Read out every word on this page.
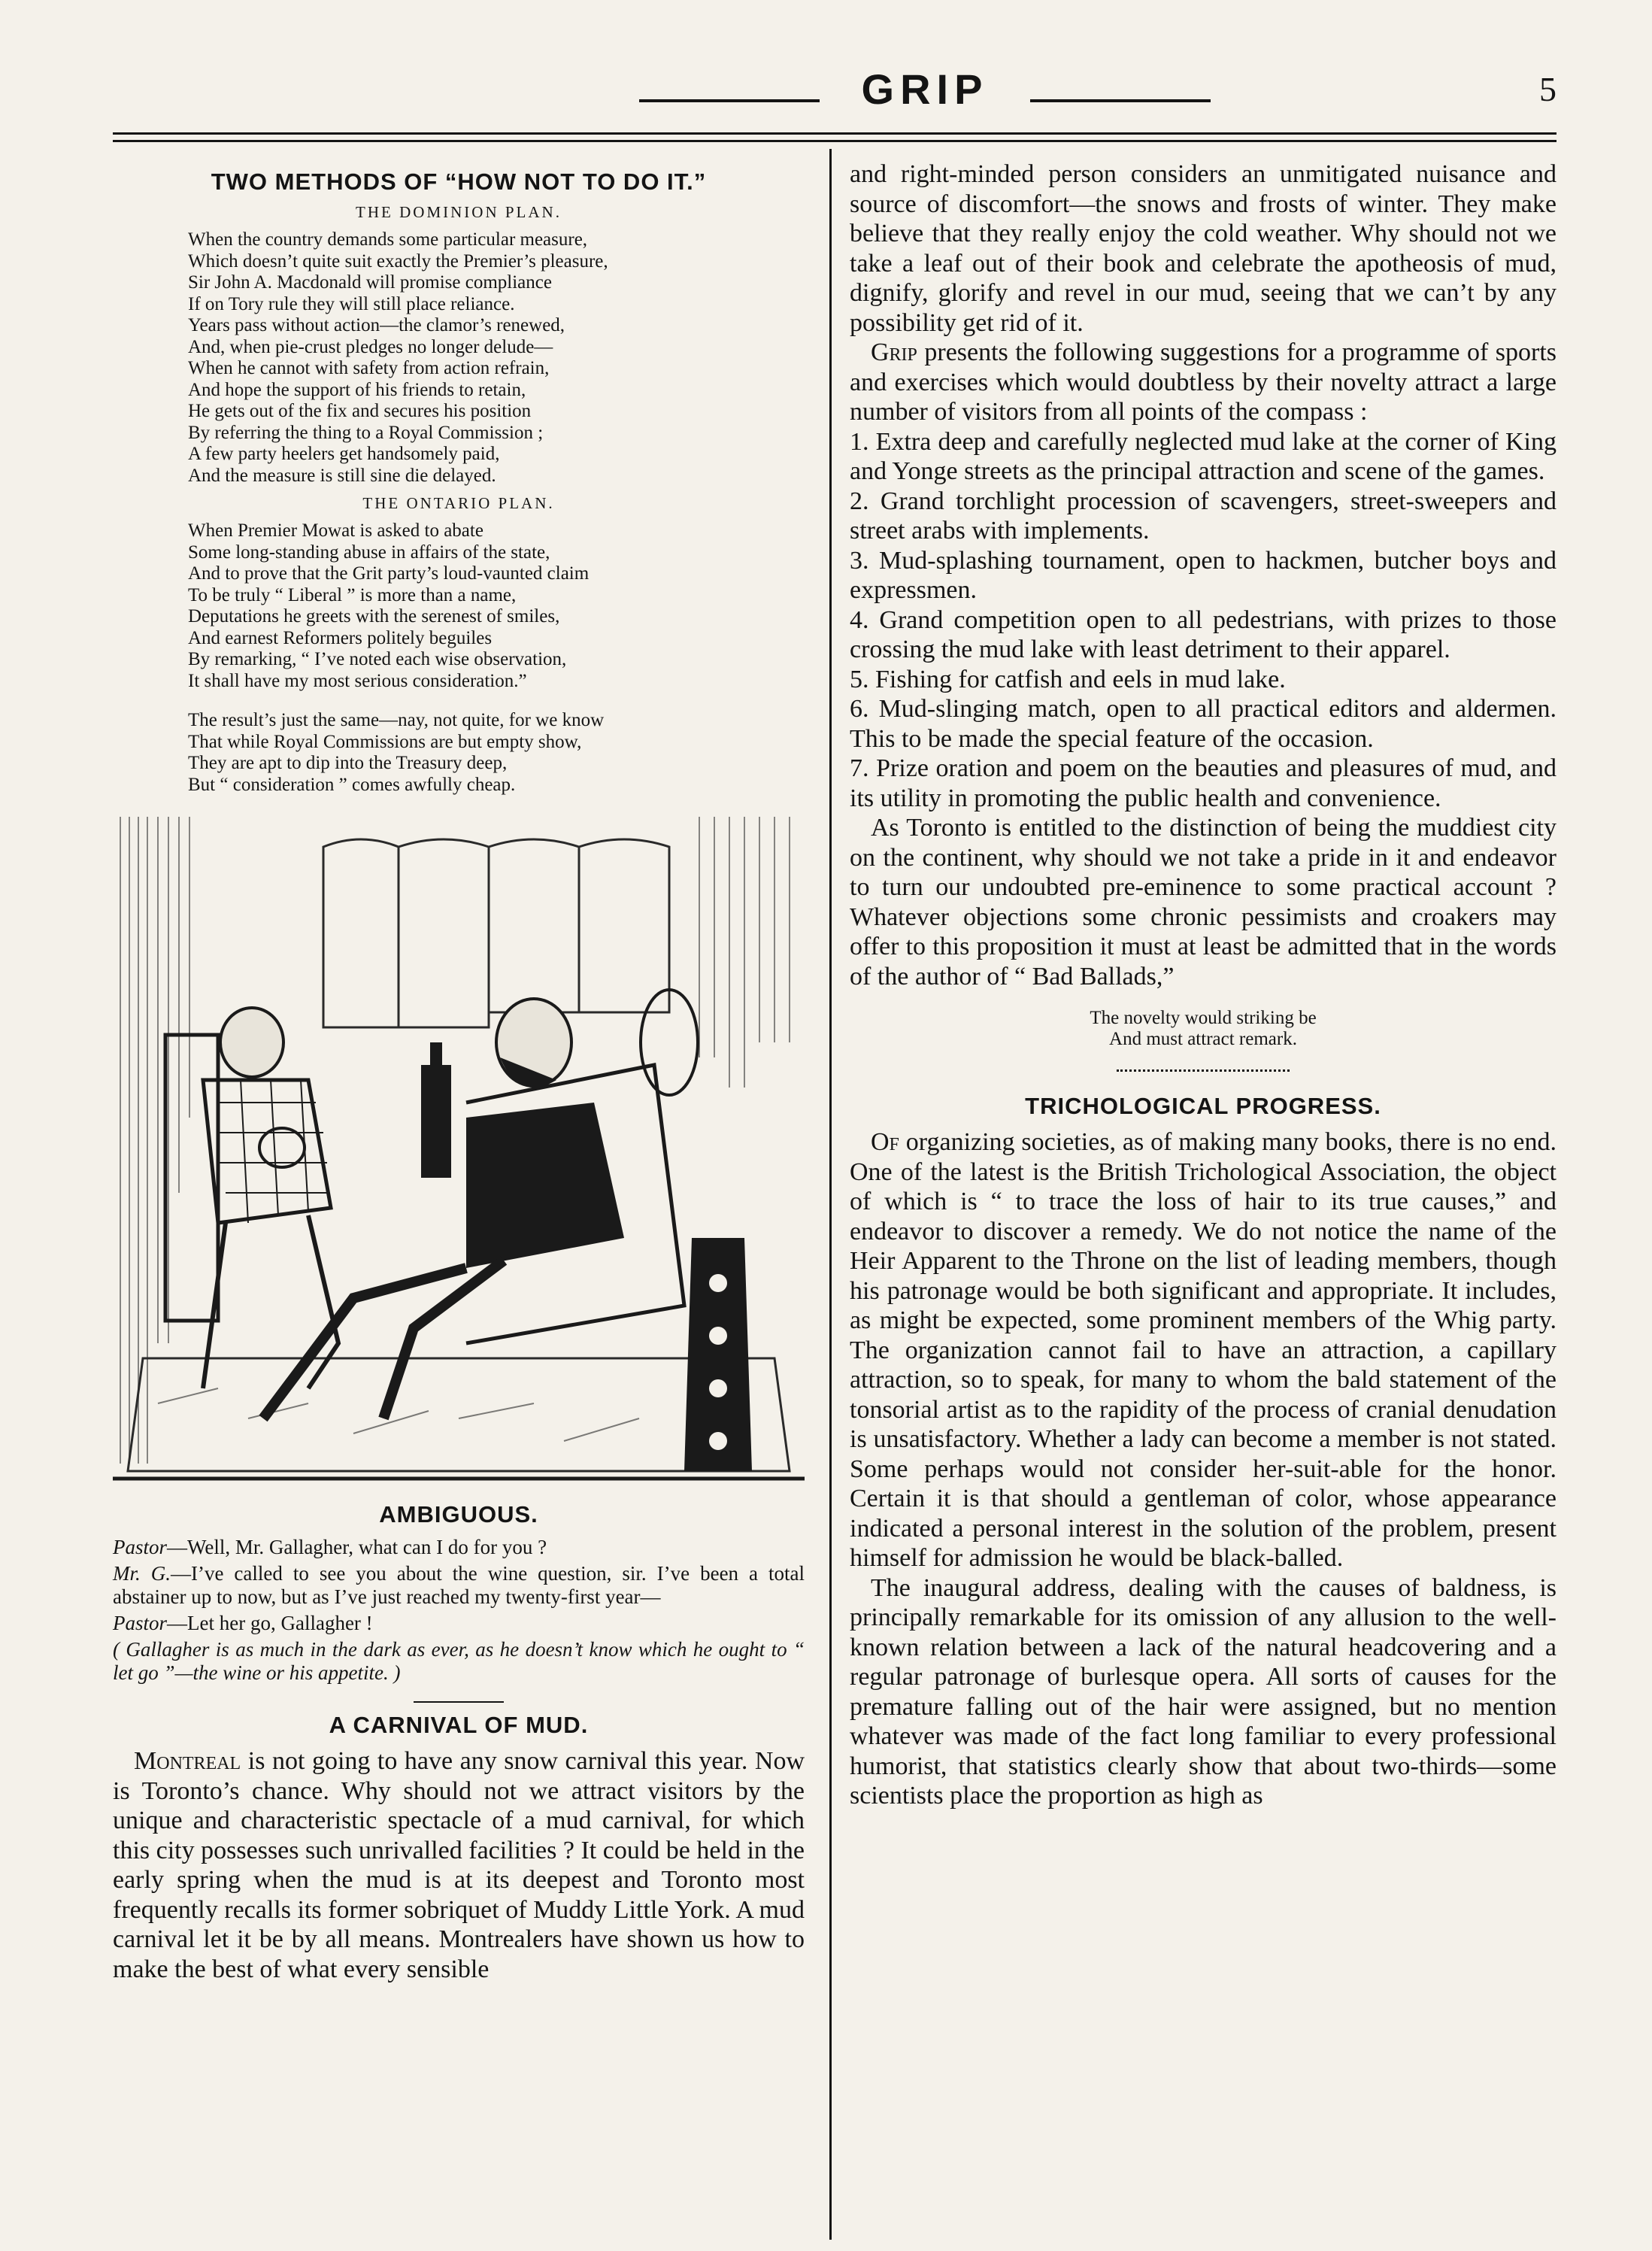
GRIP	5
TWO METHODS OF “HOW NOT TO DO IT.”
THE DOMINION PLAN.
When the country demands some particular measure,
Which doesn’t quite suit exactly the Premier’s pleasure,
Sir John A. Macdonald will promise compliance
If on Tory rule they will still place reliance.
Years pass without action—the clamor’s renewed,
And, when pie-crust pledges no longer delude—
When he cannot with safety from action refrain,
And hope the support of his friends to retain,
He gets out of the fix and secures his position
By referring the thing to a Royal Commission ;
A few party heelers get handsomely paid,
And the measure is still sine die delayed.
THE ONTARIO PLAN.
When Premier Mowat is asked to abate
Some long-standing abuse in affairs of the state,
And to prove that the Grit party’s loud-vaunted claim
To be truly “ Liberal ” is more than a name,
Deputations he greets with the serenest of smiles,
And earnest Reformers politely beguiles
By remarking, “ I’ve noted each wise observation,
It shall have my most serious consideration.”
The result’s just the same—nay, not quite, for we know
That while Royal Commissions are but empty show,
They are apt to dip into the Treasury deep,
But “ consideration ” comes awfully cheap.
AMBIGUOUS.

Pastor—Well, Mr. Gallagher, what can I do for you ?

Mr. G.—I’ve called to see you about the wine question, sir. I’ve been a total abstainer up to now, but as I’ve just reached my twenty-first year—

Pastor—Let her go, Gallagher !

( Gallagher is as much in the dark as ever, as he doesn’t know which he ought to “ let go ”—the wine or his appetite. )

A CARNIVAL OF MUD.

Montreal is not going to have any snow carnival this year. Now is Toronto’s chance. Why should not we attract visitors by the unique and characteristic spectacle of a mud carnival, for which this city possesses such unrivalled facilities ? It could be held in the early spring when the mud is at its deepest and Toronto most frequently recalls its former sobriquet of Muddy Little York. A mud carnival let it be by all means. Montrealers have shown us how to make the best of what every sensible

and right-minded person considers an unmitigated nuisance and source of discomfort—the snows and frosts of winter. They make believe that they really enjoy the cold weather. Why should not we take a leaf out of their book and celebrate the apotheosis of mud, dignify, glorify and revel in our mud, seeing that we can’t by any possibility get rid of it.

Grip presents the following suggestions for a programme of sports and exercises which would doubtless by their novelty attract a large number of visitors from all points of the compass :

1. Extra deep and carefully neglected mud lake at the corner of King and Yonge streets as the principal attraction and scene of the games.

2. Grand torchlight procession of scavengers, street-sweepers and street arabs with implements.

3. Mud-splashing tournament, open to hackmen, butcher boys and expressmen.

4. Grand competition open to all pedestrians, with prizes to those crossing the mud lake with least detriment to their apparel.

5. Fishing for catfish and eels in mud lake.

6. Mud-slinging match, open to all practical editors and aldermen. This to be made the special feature of the occasion.

7. Prize oration and poem on the beauties and pleasures of mud, and its utility in promoting the public health and convenience.

As Toronto is entitled to the distinction of being the muddiest city on the continent, why should we not take a pride in it and endeavor to turn our undoubted pre-eminence to some practical account ? Whatever objections some chronic pessimists and croakers may offer to this proposition it must at least be admitted that in the words of the author of “ Bad Ballads,”

The novelty would striking be
And must attract remark.
TRICHOLOGICAL PROGRESS.

Of organizing societies, as of making many books, there is no end. One of the latest is the British Trichological Association, the object of which is “ to trace the loss of hair to its true causes,” and endeavor to discover a remedy. We do not notice the name of the Heir Apparent to the Throne on the list of leading members, though his patronage would be both significant and appropriate. It includes, as might be expected, some prominent members of the Whig party. The organization cannot fail to have an attraction, a capillary attraction, so to speak, for many to whom the bald statement of the tonsorial artist as to the rapidity of the process of cranial denudation is unsatisfactory. Whether a lady can become a member is not stated. Some perhaps would not consider her-suit-able for the honor. Certain it is that should a gentleman of color, whose appearance indicated a personal interest in the solution of the problem, present himself for admission he would be black-balled.

The inaugural address, dealing with the causes of baldness, is principally remarkable for its omission of any allusion to the well-known relation between a lack of the natural headcovering and a regular patronage of burlesque opera. All sorts of causes for the premature falling out of the hair were assigned, but no mention whatever was made of the fact long familiar to every professional humorist, that statistics clearly show that about two-thirds—some scientists place the proportion as high as
